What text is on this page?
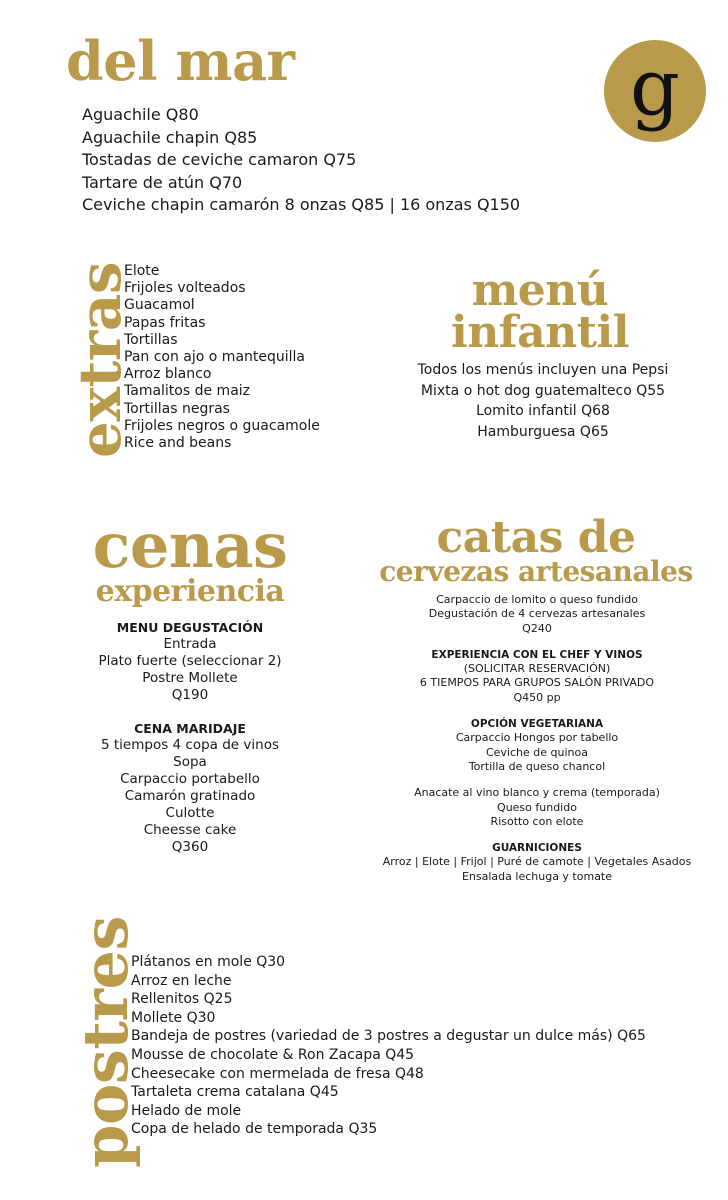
del mar
Aguachile Q80
Aguachile chapin Q85
Tostadas de ceviche camaron Q75
Tartare de atún Q70
Ceviche chapin camarón 8 onzas Q85 | 16 onzas Q150
g
extras
Elote
Frijoles volteados
Guacamol
Papas fritas
Tortillas
Pan con ajo o mantequilla
Arroz blanco
Tamalitos de maiz
Tortillas negras
Frijoles negros o guacamole
Rice and beans
menú
infantil
Todos los menús incluyen una Pepsi
Mixta o hot dog guatemalteco Q55
Lomito infantil Q68
Hamburguesa Q65
cenas
experiencia
MENU DEGUSTACIÓN
Entrada
Plato fuerte (seleccionar 2)
Postre Mollete
Q190
CENA MARIDAJE
5 tiempos 4 copa de vinos
Sopa
Carpaccio portabello
Camarón gratinado
Culotte
Cheesse cake
Q360
catas de
cervezas artesanales
Carpaccio de lomito o queso fundido
Degustación de 4 cervezas artesanales
Q240
EXPERIENCIA CON EL CHEF Y VINOS
(SOLICITAR RESERVACIÓN)
6 TIEMPOS PARA GRUPOS SALÓN PRIVADO
Q450 pp
OPCIÓN VEGETARIANA
Carpaccio Hongos por tabello
Ceviche de quinoa
Tortilla de queso chancol
Anacate al vino blanco y crema (temporada)
Queso fundido
Risotto con elote
GUARNICIONES
Arroz | Elote | Frijol | Puré de camote | Vegetales Asados
Ensalada lechuga y tomate
postres
Plátanos en mole Q30
Arroz en leche
Rellenitos Q25
Mollete Q30
Bandeja de postres (variedad de 3 postres a degustar un dulce más) Q65
Mousse de chocolate & Ron Zacapa Q45
Cheesecake con mermelada de fresa Q48
Tartaleta crema catalana Q45
Helado de mole
Copa de helado de temporada Q35
